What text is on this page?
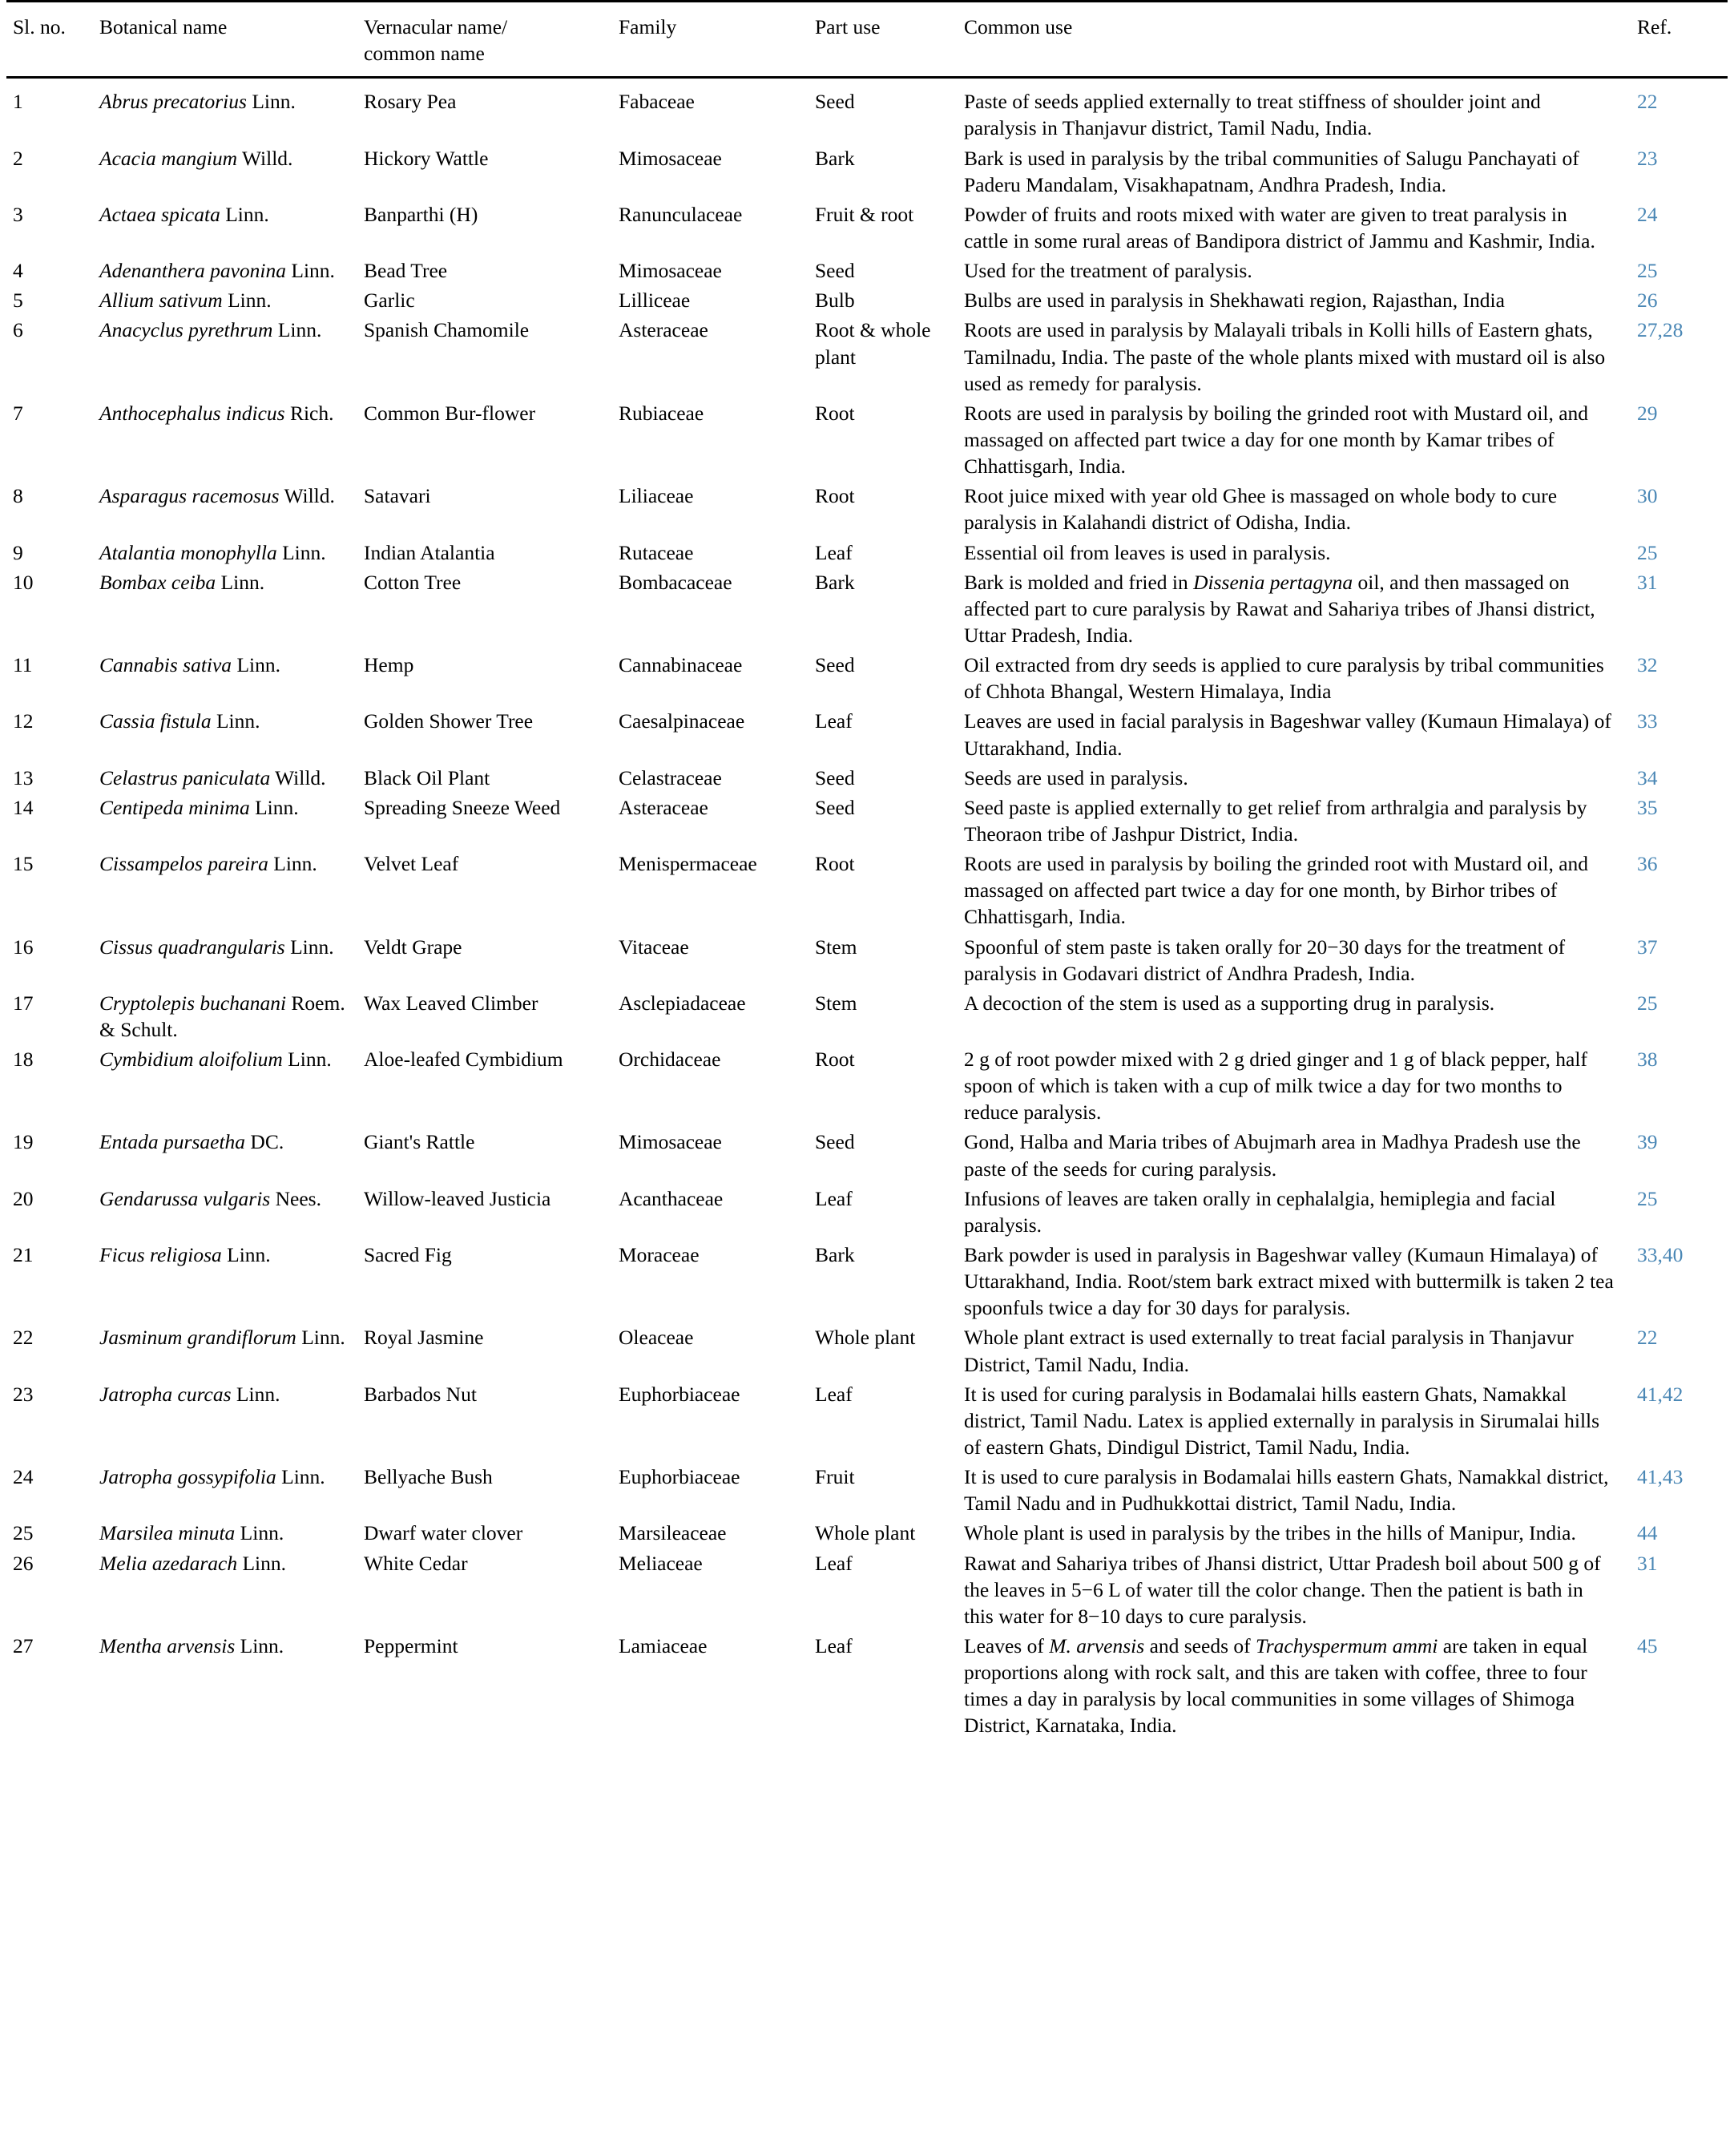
Sl. no.	Botanical name	Vernacular name/
common name	Family	Part use	Common use	Ref.
1	Abrus precatorius Linn.	Rosary Pea	Fabaceae	Seed	Paste of seeds applied externally to treat stiffness of shoulder joint and paralysis in Thanjavur district, Tamil Nadu, India.	22
2	Acacia mangium Willd.	Hickory Wattle	Mimosaceae	Bark	Bark is used in paralysis by the tribal communities of Salugu Panchayati of Paderu Mandalam, Visakhapatnam, Andhra Pradesh, India.	23
3	Actaea spicata Linn.	Banparthi (H)	Ranunculaceae	Fruit & root	Powder of fruits and roots mixed with water are given to treat paralysis in cattle in some rural areas of Bandipora district of Jammu and Kashmir, India.	24
4	Adenanthera pavonina Linn.	Bead Tree	Mimosaceae	Seed	Used for the treatment of paralysis.	25
5	Allium sativum Linn.	Garlic	Lilliceae	Bulb	Bulbs are used in paralysis in Shekhawati region, Rajasthan, India	26
6	Anacyclus pyrethrum Linn.	Spanish Chamomile	Asteraceae	Root & whole plant	Roots are used in paralysis by Malayali tribals in Kolli hills of Eastern ghats, Tamilnadu, India. The paste of the whole plants mixed with mustard oil is also used as remedy for paralysis.	27,28
7	Anthocephalus indicus Rich.	Common Bur-flower	Rubiaceae	Root	Roots are used in paralysis by boiling the grinded root with Mustard oil, and massaged on affected part twice a day for one month by Kamar tribes of Chhattisgarh, India.	29
8	Asparagus racemosus Willd.	Satavari	Liliaceae	Root	Root juice mixed with year old Ghee is massaged on whole body to cure paralysis in Kalahandi district of Odisha, India.	30
9	Atalantia monophylla Linn.	Indian Atalantia	Rutaceae	Leaf	Essential oil from leaves is used in paralysis.	25
10	Bombax ceiba Linn.	Cotton Tree	Bombacaceae	Bark	Bark is molded and fried in Dissenia pertagyna oil, and then massaged on affected part to cure paralysis by Rawat and Sahariya tribes of Jhansi district, Uttar Pradesh, India.	31
11	Cannabis sativa Linn.	Hemp	Cannabinaceae	Seed	Oil extracted from dry seeds is applied to cure paralysis by tribal communities of Chhota Bhangal, Western Himalaya, India	32
12	Cassia fistula Linn.	Golden Shower Tree	Caesalpinaceae	Leaf	Leaves are used in facial paralysis in Bageshwar valley (Kumaun Himalaya) of Uttarakhand, India.	33
13	Celastrus paniculata Willd.	Black Oil Plant	Celastraceae	Seed	Seeds are used in paralysis.	34
14	Centipeda minima Linn.	Spreading Sneeze Weed	Asteraceae	Seed	Seed paste is applied externally to get relief from arthralgia and paralysis by Theoraon tribe of Jashpur District, India.	35
15	Cissampelos pareira Linn.	Velvet Leaf	Menispermaceae	Root	Roots are used in paralysis by boiling the grinded root with Mustard oil, and massaged on affected part twice a day for one month, by Birhor tribes of Chhattisgarh, India.	36
16	Cissus quadrangularis Linn.	Veldt Grape	Vitaceae	Stem	Spoonful of stem paste is taken orally for 20−30 days for the treatment of paralysis in Godavari district of Andhra Pradesh, India.	37
17	Cryptolepis buchanani Roem. & Schult.	Wax Leaved Climber	Asclepiadaceae	Stem	A decoction of the stem is used as a supporting drug in paralysis.	25
18	Cymbidium aloifolium Linn.	Aloe-leafed Cymbidium	Orchidaceae	Root	2 g of root powder mixed with 2 g dried ginger and 1 g of black pepper, half spoon of which is taken with a cup of milk twice a day for two months to reduce paralysis.	38
19	Entada pursaetha DC.	Giant's Rattle	Mimosaceae	Seed	Gond, Halba and Maria tribes of Abujmarh area in Madhya Pradesh use the paste of the seeds for curing paralysis.	39
20	Gendarussa vulgaris Nees.	Willow-leaved Justicia	Acanthaceae	Leaf	Infusions of leaves are taken orally in cephalalgia, hemiplegia and facial paralysis.	25
21	Ficus religiosa Linn.	Sacred Fig	Moraceae	Bark	Bark powder is used in paralysis in Bageshwar valley (Kumaun Himalaya) of Uttarakhand, India. Root/stem bark extract mixed with buttermilk is taken 2 tea spoonfuls twice a day for 30 days for paralysis.	33,40
22	Jasminum grandiflorum Linn.	Royal Jasmine	Oleaceae	Whole plant	Whole plant extract is used externally to treat facial paralysis in Thanjavur District, Tamil Nadu, India.	22
23	Jatropha curcas Linn.	Barbados Nut	Euphorbiaceae	Leaf	It is used for curing paralysis in Bodamalai hills eastern Ghats, Namakkal district, Tamil Nadu. Latex is applied externally in paralysis in Sirumalai hills of eastern Ghats, Dindigul District, Tamil Nadu, India.	41,42
24	Jatropha gossypifolia Linn.	Bellyache Bush	Euphorbiaceae	Fruit	It is used to cure paralysis in Bodamalai hills eastern Ghats, Namakkal district, Tamil Nadu and in Pudhukkottai district, Tamil Nadu, India.	41,43
25	Marsilea minuta Linn.	Dwarf water clover	Marsileaceae	Whole plant	Whole plant is used in paralysis by the tribes in the hills of Manipur, India.	44
26	Melia azedarach Linn.	White Cedar	Meliaceae	Leaf	Rawat and Sahariya tribes of Jhansi district, Uttar Pradesh boil about 500 g of the leaves in 5−6 L of water till the color change. Then the patient is bath in this water for 8−10 days to cure paralysis.	31
27	Mentha arvensis Linn.	Peppermint	Lamiaceae	Leaf	Leaves of M. arvensis and seeds of Trachyspermum ammi are taken in equal proportions along with rock salt, and this are taken with coffee, three to four times a day in paralysis by local communities in some villages of Shimoga District, Karnataka, India.	45
